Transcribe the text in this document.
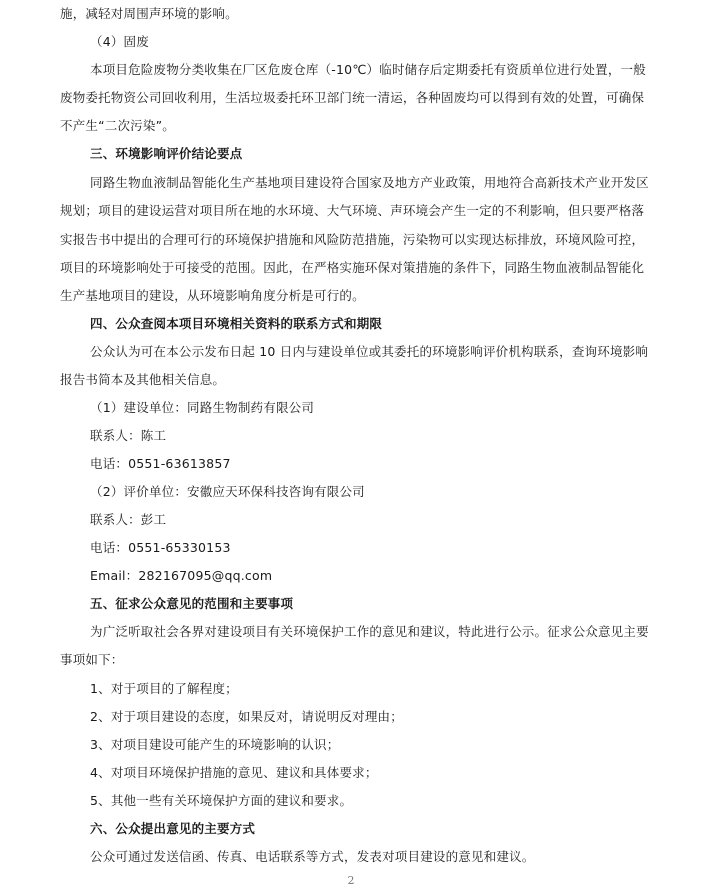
施，减轻对周围声环境的影响。
（4）固废
本项目危险废物分类收集在厂区危废仓库（-10℃）临时储存后定期委托有资质单位进行处置，一般
废物委托物资公司回收利用，生活垃圾委托环卫部门统一清运，各种固废均可以得到有效的处置，可确保
不产生“二次污染”。
三、环境影响评价结论要点
同路生物血液制品智能化生产基地项目建设符合国家及地方产业政策，用地符合高新技术产业开发区
规划；项目的建设运营对项目所在地的水环境、大气环境、声环境会产生一定的不利影响，但只要严格落
实报告书中提出的合理可行的环境保护措施和风险防范措施，污染物可以实现达标排放，环境风险可控，
项目的环境影响处于可接受的范围。因此，在严格实施环保对策措施的条件下，同路生物血液制品智能化
生产基地项目的建设，从环境影响角度分析是可行的。
四、公众查阅本项目环境相关资料的联系方式和期限
公众认为可在本公示发布日起 10 日内与建设单位或其委托的环境影响评价机构联系，查询环境影响
报告书简本及其他相关信息。
（1）建设单位：同路生物制药有限公司
联系人：陈工
电话：0551-63613857
（2）评价单位：安徽应天环保科技咨询有限公司
联系人：彭工
电话：0551-65330153
Email：282167095@qq.com
五、征求公众意见的范围和主要事项
为广泛听取社会各界对建设项目有关环境保护工作的意见和建议，特此进行公示。征求公众意见主要
事项如下：
1、对于项目的了解程度；
2、对于项目建设的态度，如果反对，请说明反对理由；
3、对项目建设可能产生的环境影响的认识；
4、对项目环境保护措施的意见、建议和具体要求；
5、其他一些有关环境保护方面的建议和要求。
六、公众提出意见的主要方式
公众可通过发送信函、传真、电话联系等方式，发表对项目建设的意见和建议。
2
